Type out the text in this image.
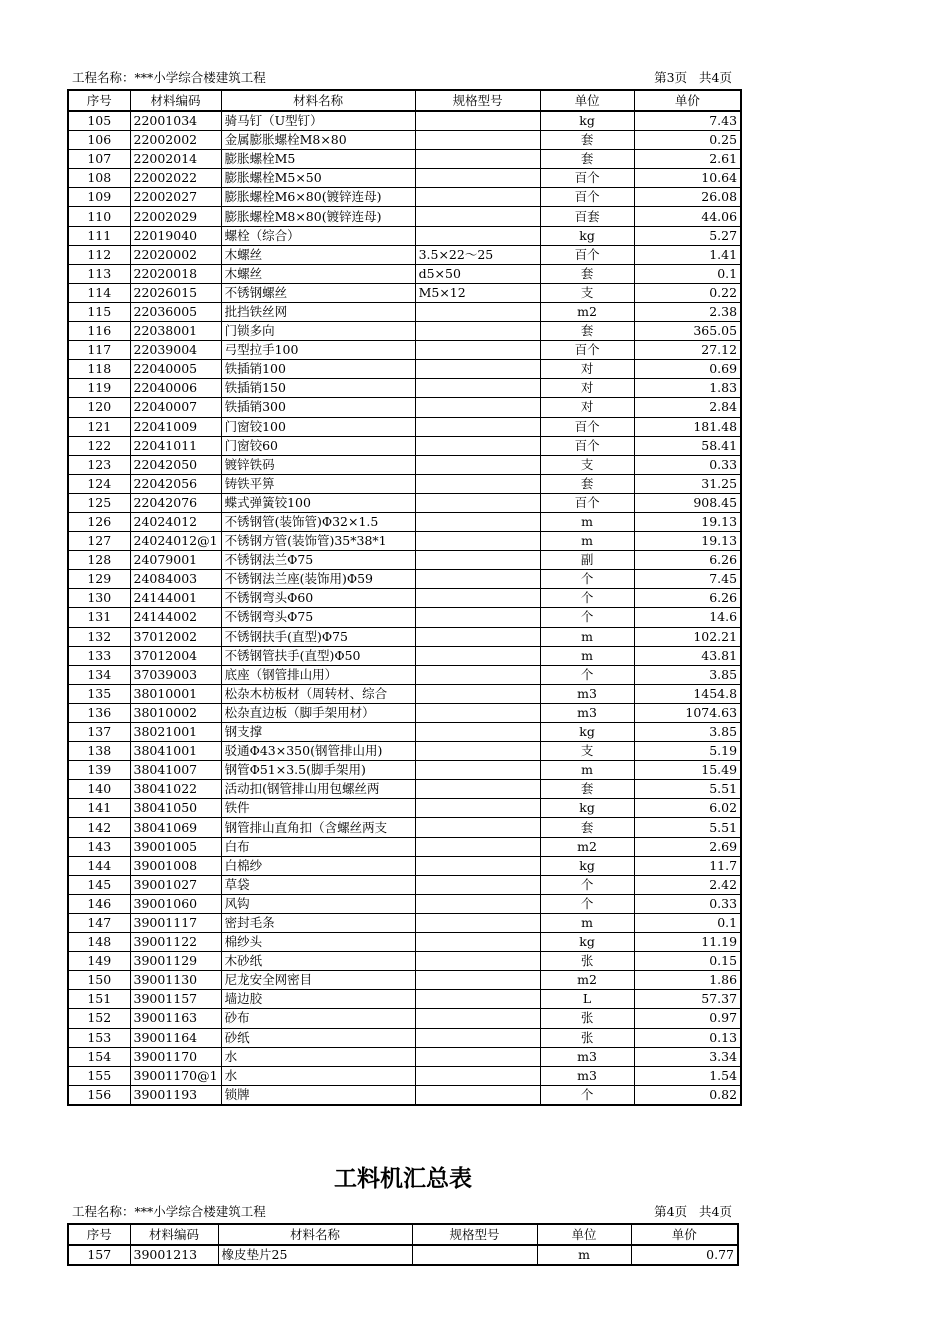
工程名称：***小学综合楼建筑工程	第3页   共4页
序号	材料编码	材料名称	规格型号	单位	单价
105	22001034	骑马钉（U型钉）		kg	7.43
106	22002002	金属膨胀螺栓M8×80		套	0.25
107	22002014	膨胀螺栓M5		套	2.61
108	22002022	膨胀螺栓M5×50		百个	10.64
109	22002027	膨胀螺栓M6×80(镀锌连母)		百个	26.08
110	22002029	膨胀螺栓M8×80(镀锌连母)		百套	44.06
111	22019040	螺栓（综合）		kg	5.27
112	22020002	木螺丝	3.5×22～25	百个	1.41
113	22020018	木螺丝	d5×50	套	0.1
114	22026015	不锈钢螺丝	M5×12	支	0.22
115	22036005	批挡铁丝网		m2	2.38
116	22038001	门锁多向		套	365.05
117	22039004	弓型拉手100		百个	27.12
118	22040005	铁插销100		对	0.69
119	22040006	铁插销150		对	1.83
120	22040007	铁插销300		对	2.84
121	22041009	门窗铰100		百个	181.48
122	22041011	门窗铰60		百个	58.41
123	22042050	镀锌铁码		支	0.33
124	22042056	铸铁平箅		套	31.25
125	22042076	蝶式弹簧铰100		百个	908.45
126	24024012	不锈钢管(装饰管)Φ32×1.5		m	19.13
127	24024012@1	不锈钢方管(装饰管)35*38*1		m	19.13
128	24079001	不锈钢法兰Φ75		副	6.26
129	24084003	不锈钢法兰座(装饰用)Φ59		个	7.45
130	24144001	不锈钢弯头Φ60		个	6.26
131	24144002	不锈钢弯头Φ75		个	14.6
132	37012002	不锈钢扶手(直型)Φ75		m	102.21
133	37012004	不锈钢管扶手(直型)Φ50		m	43.81
134	37039003	底座（钢管排山用）		个	3.85
135	38010001	松杂木枋板材（周转材、综合		m3	1454.8
136	38010002	松杂直边板（脚手架用材）		m3	1074.63
137	38021001	钢支撑		kg	3.85
138	38041001	驳通Φ43×350(钢管排山用)		支	5.19
139	38041007	钢管Φ51×3.5(脚手架用)		m	15.49
140	38041022	活动扣(钢管排山用包螺丝两		套	5.51
141	38041050	铁件		kg	6.02
142	38041069	钢管排山直角扣（含螺丝两支		套	5.51
143	39001005	白布		m2	2.69
144	39001008	白棉纱		kg	11.7
145	39001027	草袋		个	2.42
146	39001060	风钩		个	0.33
147	39001117	密封毛条		m	0.1
148	39001122	棉纱头		kg	11.19
149	39001129	木砂纸		张	0.15
150	39001130	尼龙安全网密目		m2	1.86
151	39001157	墙边胶		L	57.37
152	39001163	砂布		张	0.97
153	39001164	砂纸		张	0.13
154	39001170	水		m3	3.34
155	39001170@1	水		m3	1.54
156	39001193	锁牌		个	0.82
工料机汇总表
工程名称：***小学综合楼建筑工程	第4页   共4页
序号	材料编码	材料名称	规格型号	单位	单价
157	39001213	橡皮垫片25		m	0.77
